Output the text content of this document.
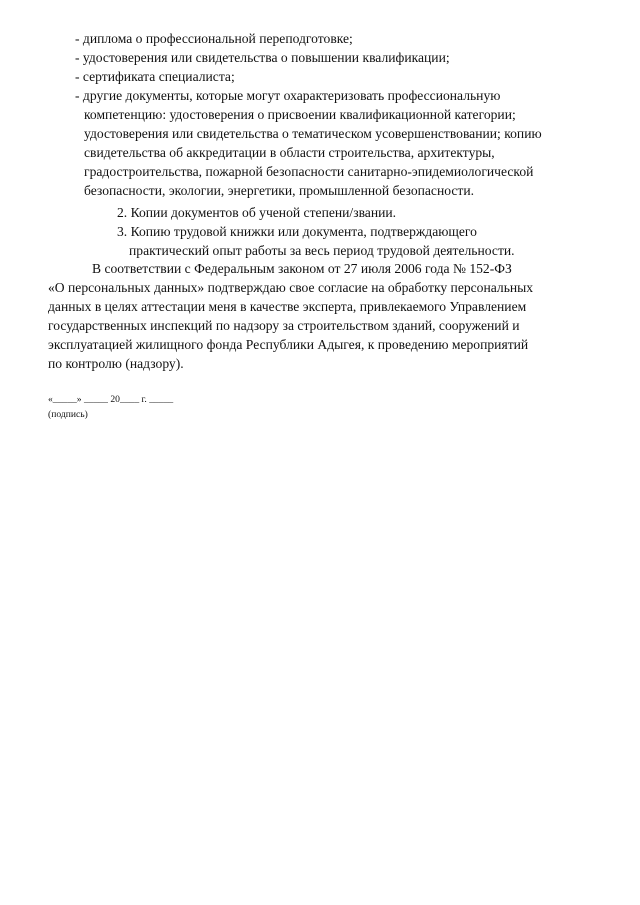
- диплома о профессиональной переподготовке;
- удостоверения или свидетельства о повышении квалификации;
- сертификата специалиста;
- другие документы, которые могут охарактеризовать профессиональную
компетенцию: удостоверения о присвоении квалификационной категории;
удостоверения или свидетельства о тематическом усовершенствовании; копию
свидетельства об аккредитации в области строительства, архитектуры,
градостроительства, пожарной безопасности санитарно-эпидемиологической
безопасности, экологии, энергетики, промышленной безопасности.
2. Копии документов об ученой степени/звании.
3. Копию трудовой книжки или документа, подтверждающего
практический опыт работы за весь период трудовой деятельности.
В соответствии с Федеральным законом от 27 июля 2006 года № 152-ФЗ
«О персональных данных» подтверждаю свое согласие на обработку персональных
данных в целях аттестации меня в качестве эксперта, привлекаемого Управлением
государственных инспекций по надзору за строительством зданий, сооружений и
эксплуатацией жилищного фонда Республики Адыгея, к проведению мероприятий
по контролю (надзору).
«_____» _____ 20____ г. _____
(подпись)
